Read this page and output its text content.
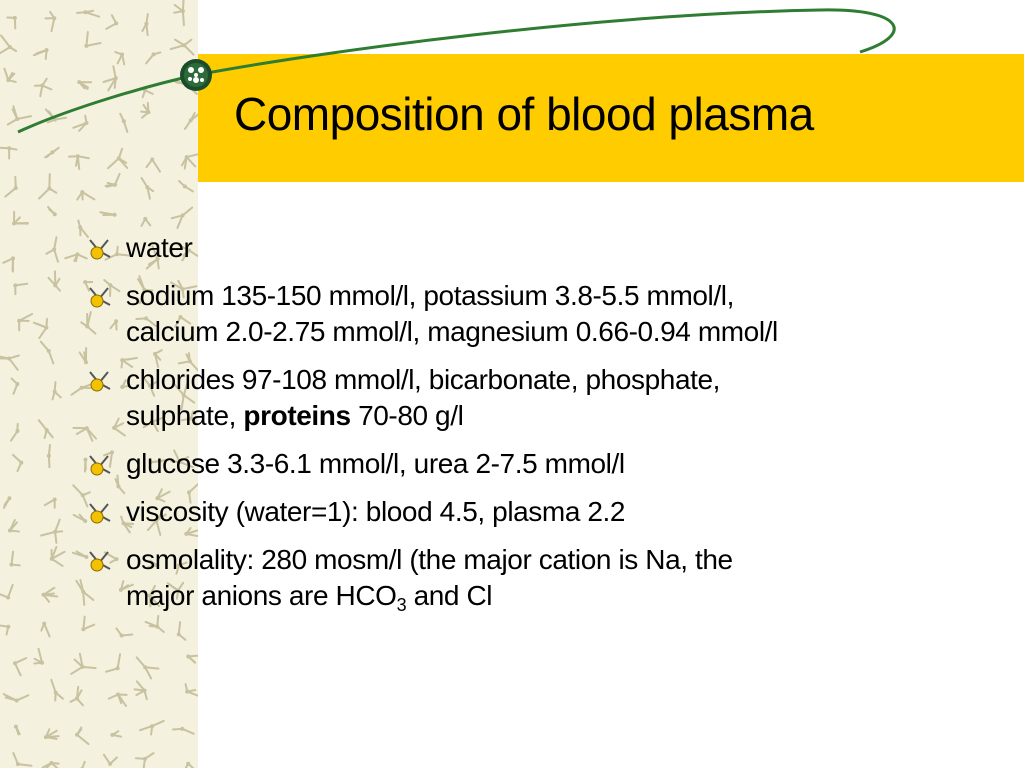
Composition of blood plasma
water
sodium 135-150 mmol/l, potassium 3.8-5.5 mmol/l,
calcium 2.0-2.75 mmol/l, magnesium 0.66-0.94 mmol/l
chlorides 97-108 mmol/l, bicarbonate, phosphate,
sulphate, proteins 70-80 g/l
glucose 3.3-6.1 mmol/l, urea 2-7.5 mmol/l
viscosity (water=1): blood 4.5, plasma 2.2
osmolality: 280 mosm/l (the major cation is Na, the
major anions are $HCO_3$ and Cl
